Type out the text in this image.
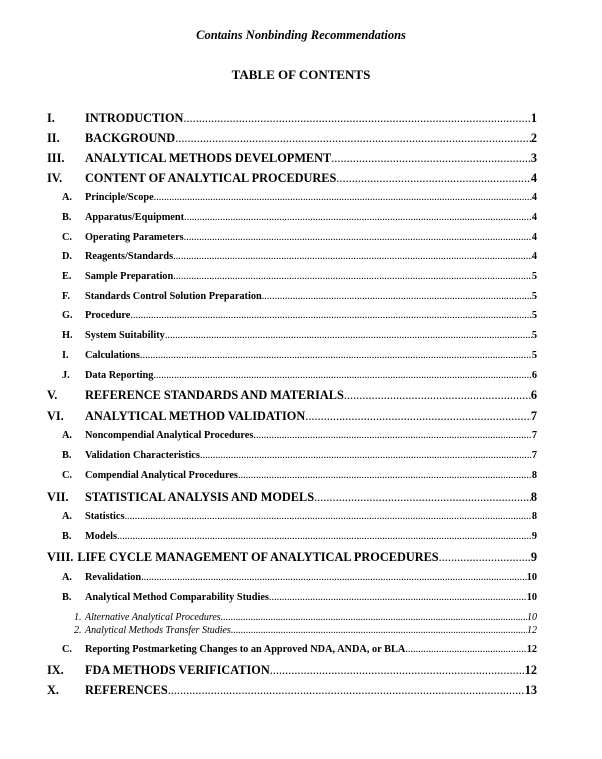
Contains Nonbinding Recommendations
TABLE OF CONTENTS
I.	INTRODUCTION .....	1
II.	BACKGROUND .....	2
III.	ANALYTICAL METHODS DEVELOPMENT .....	3
IV.	CONTENT OF ANALYTICAL PROCEDURES .....	4
A.	Principle/Scope .....	4
B.	Apparatus/Equipment .....	4
C.	Operating Parameters .....	4
D.	Reagents/Standards .....	4
E.	Sample Preparation .....	5
F.	Standards Control Solution Preparation .....	5
G.	Procedure .....	5
H.	System Suitability .....	5
I.	Calculations .....	5
J.	Data Reporting .....	6
V.	REFERENCE STANDARDS AND MATERIALS .....	6
VI.	ANALYTICAL METHOD VALIDATION .....	7
A.	Noncompendial Analytical Procedures .....	7
B.	Validation Characteristics .....	7
C.	Compendial Analytical Procedures .....	8
VII.	STATISTICAL ANALYSIS AND MODELS .....	8
A.	Statistics .....	8
B.	Models .....	9
VIII. LIFE CYCLE MANAGEMENT OF ANALYTICAL PROCEDURES .....	9
A.	Revalidation .....	10
B.	Analytical Method Comparability Studies .....	10
1. Alternative Analytical Procedures .....	10
2. Analytical Methods Transfer Studies .....	12
C.	Reporting Postmarketing Changes to an Approved NDA, ANDA, or BLA .....	12
IX.	FDA METHODS VERIFICATION .....	12
X.	REFERENCES .....	13
